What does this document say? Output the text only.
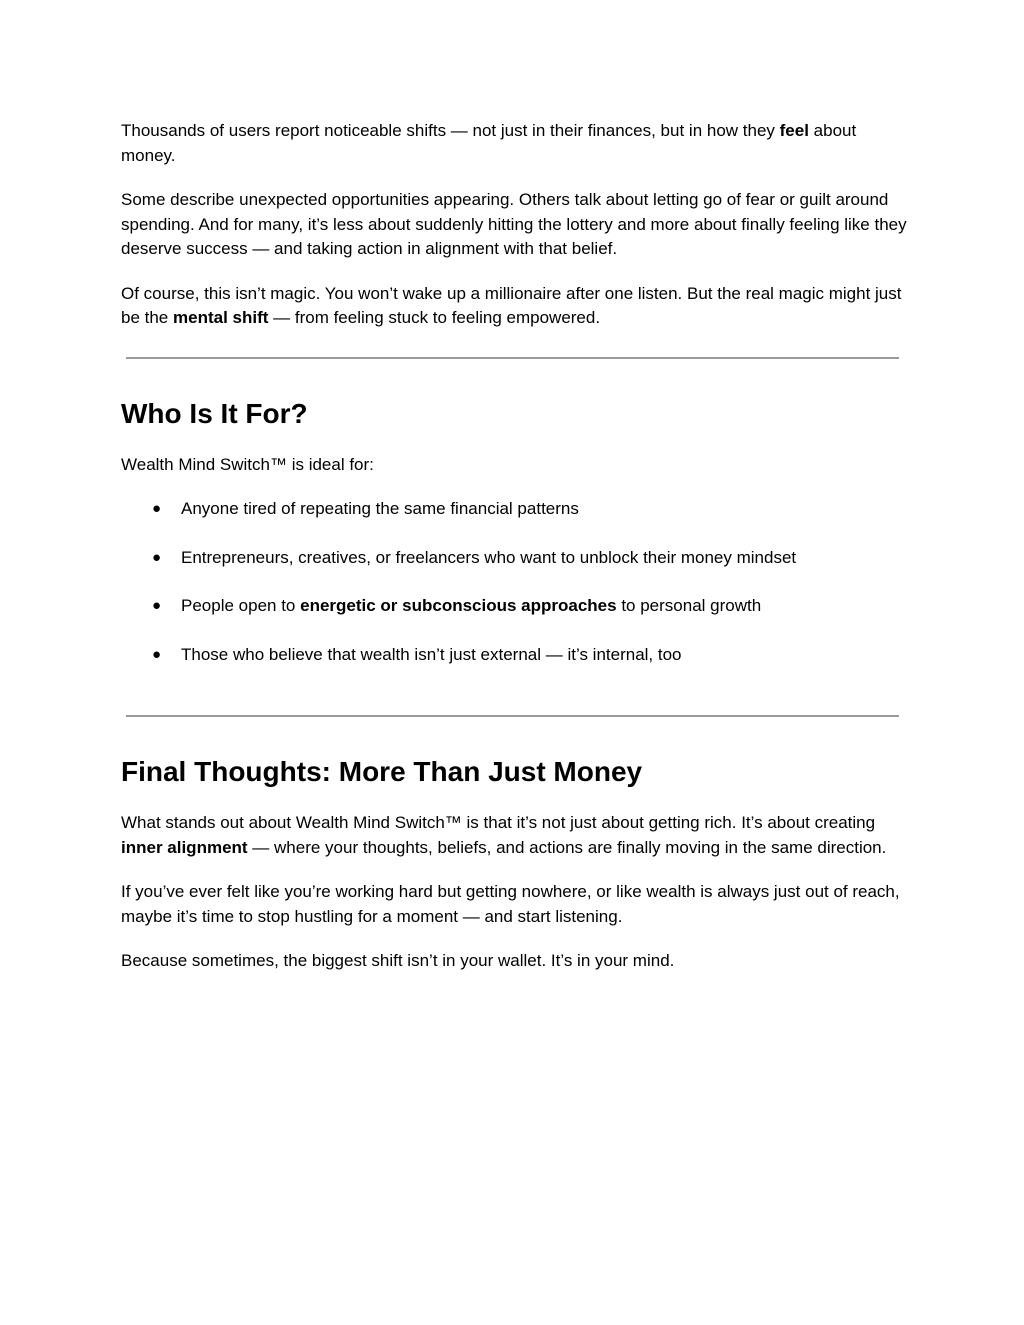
Thousands of users report noticeable shifts — not just in their finances, but in how they feel about money.

Some describe unexpected opportunities appearing. Others talk about letting go of fear or guilt around spending. And for many, it’s less about suddenly hitting the lottery and more about finally feeling like they deserve success — and taking action in alignment with that belief.

Of course, this isn’t magic. You won’t wake up a millionaire after one listen. But the real magic might just be the mental shift — from feeling stuck to feeling empowered.

Who Is It For?

Wealth Mind Switch™ is ideal for:

● Anyone tired of repeating the same financial patterns
● Entrepreneurs, creatives, or freelancers who want to unblock their money mindset
● People open to energetic or subconscious approaches to personal growth
● Those who believe that wealth isn’t just external — it’s internal, too
Final Thoughts: More Than Just Money

What stands out about Wealth Mind Switch™ is that it’s not just about getting rich. It’s about creating inner alignment — where your thoughts, beliefs, and actions are finally moving in the same direction.

If you’ve ever felt like you’re working hard but getting nowhere, or like wealth is always just out of reach, maybe it’s time to stop hustling for a moment — and start listening.

Because sometimes, the biggest shift isn’t in your wallet. It’s in your mind.
